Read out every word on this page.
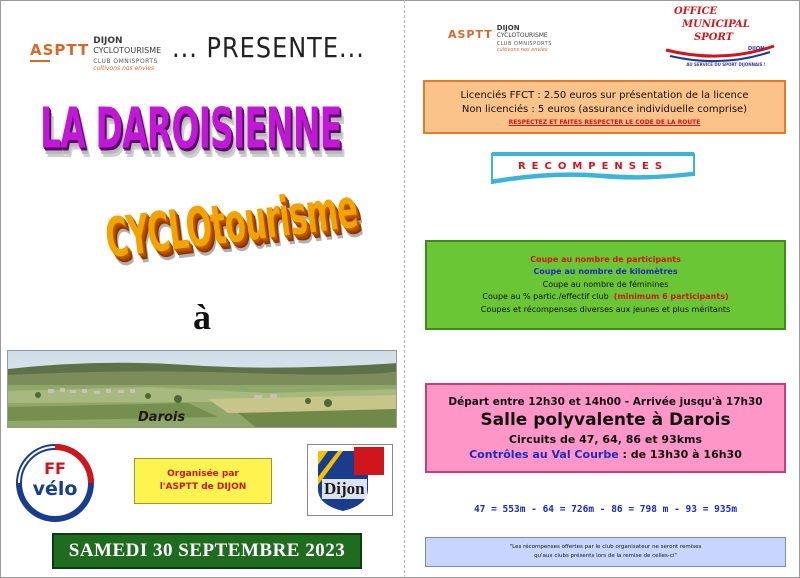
ASPTT DIJON
CYCLOTOURISME
CLUB OMNISPORTS
cultivons nos envies
... PRESENTE...
LA DAROISIENNE
CYCLOtourisme
à
Darois
FF
vélo
Organisée par
l'ASPTT de DIJON	Dijon
SAMEDI 30 SEPTEMBRE 2023
ASPTT DIJON
CYCLOTOURISME
CLUB OMNISPORTS
cultivons nos envies
OFFICE
MUNICIPAL
SPORT
DIJON
AU SERVICE DU SPORT DIJONNAIS !
Licenciés FFCT : 2.50 euros sur présentation de la licence
Non licenciés : 5 euros (assurance individuelle comprise)
RESPECTEZ ET FAITES RESPECTER LE CODE DE LA ROUTE
RECOMPENSES
Coupe au nombre de participants
Coupe au nombre de kilomètres
Coupe au nombre de féminines
Coupe au % partic./effectif club (minimum 6 participants)
Coupes et récompenses diverses aux jeunes et plus méritants
Départ entre 12h30 et 14h00 - Arrivée jusqu'à 17h30
Salle polyvalente à Darois
Circuits de 47, 64, 86 et 93kms
Contrôles au Val Courbe : de 13h30 à 16h30
47 = 553m - 64 = 726m - 86 = 798 m - 93 = 935m
"Les récompenses offertes par le club organisateur ne seront remises
qu'aux clubs présents lors de la remise de celles-ci"
